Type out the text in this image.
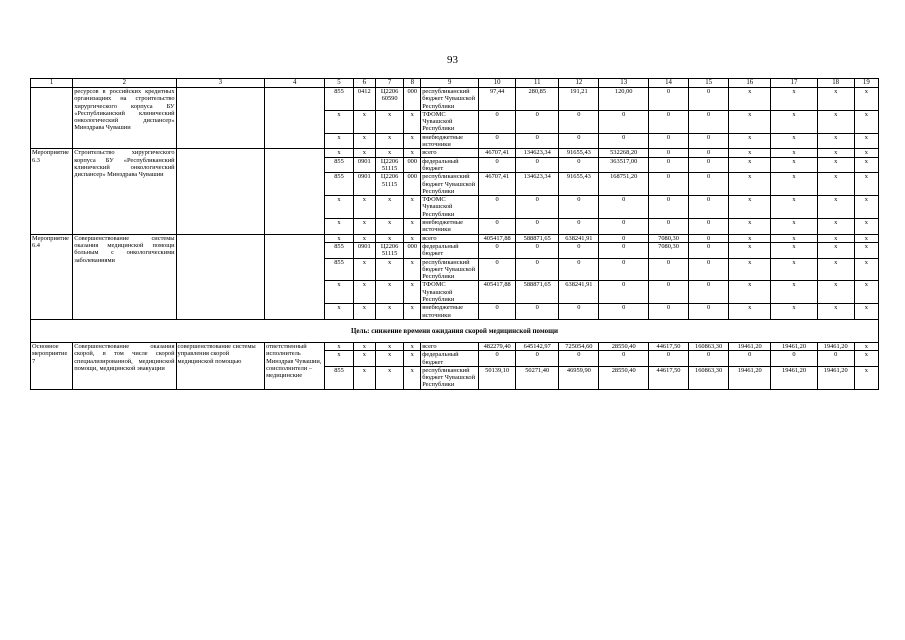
93
1	2	3	4	5	6	7	8	9	10	11	12	13	14	15	16	17	18	19
	ресурсов в российских кредитных организациях на строительство хирургического корпуса БУ «Республиканский клинический онкологический диспансер» Минздрава Чувашии			855	0412	Ц2206 60590	000	республиканский бюджет Чувашской Республики	97,44	280,85	191,21	120,00	0	0	x	x	x	x
				x	x	x	x	ТФОМС Чувашской Республики	0	0	0	0	0	0	x	x	x	x
				x	x	x	x	внебюджетные источники	0	0	0	0	0	0	x	x	x	x
Мероприятие 6.3	Строительство хирургического корпуса БУ «Республиканский клинический онкологический диспансер» Минздрава Чувашии			x	x	x	x	всего	46707,41	134623,34	91655,43	532268,20	0	0	x	x	x	x
				855	0901	Ц2206 51115	000	федеральный бюджет	0	0	0	363517,00	0	0	x	x	x	x
				855	0901	Ц2206 51115	000	республиканский бюджет Чувашской Республики	46707,41	134623,34	91655,43	168751,20	0	0	x	x	x	x
				x	x	x	x	ТФОМС Чувашской Республики	0	0	0	0	0	0	x	x	x	x
				x	x	x	x	внебюджетные источники	0	0	0	0	0	0	x	x	x	x
Мероприятие 6.4	Совершенствование системы оказания медицинской помощи больным с онкологическими заболеваниями			x	x	x	x	всего	405417,88	588871,65	638241,91	0	7080,30	0	x	x	x	x
				855	0901	Ц2206 51115	000	федеральный бюджет	0	0	0	0	7080,30	0	x	x	x	x
				855	x	x	x	республиканский бюджет Чувашской Республики	0	0	0	0	0	0	x	x	x	x
				x	x	x	x	ТФОМС Чувашской Республики	405417,88	588871,65	638241,91	0	0	0	x	x	x	x
				x	x	x	x	внебюджетные источники	0	0	0	0	0	0	x	x	x	x
Цель: снижение времени ожидания скорой медицинской помощи																		
Основное мероприятие 7	Совершенствование оказания скорой, в том числе скорой специализированной, медицинской помощи, медицинской эвакуации	совершенствование системы управления скорой медицинской помощью	ответственный исполнитель Минздрав Чувашии, соисполнители – медицинские	x	x	x	x	всего	482279,40	645142,97	725054,60	28550,40	44617,50	160863,30	19461,20	19461,20	19461,20	x
				x	x	x	x	федеральный бюджет	0	0	0	0	0	0	0	0	0	x
				855	x	x	x	республиканский бюджет Чувашской Республики	50139,10	50271,40	46959,90	28550,40	44617,50	160863,30	19461,20	19461,20	19461,20	x
